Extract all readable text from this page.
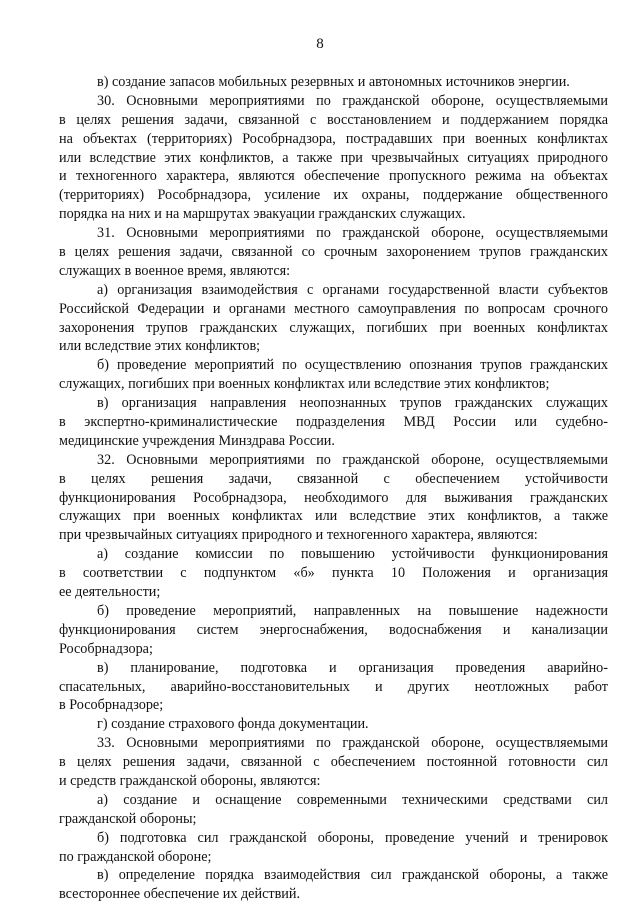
8
в) создание запасов мобильных резервных и автономных источников энергии.
30. Основными мероприятиями по гражданской обороне, осуществляемыми
в целях решения задачи, связанной с восстановлением и поддержанием порядка
на объектах (территориях) Рособрнадзора, пострадавших при военных конфликтах
или вследствие этих конфликтов, а также при чрезвычайных ситуациях природного
и техногенного характера, являются обеспечение пропускного режима на объектах
(территориях) Рособрнадзора, усиление их охраны, поддержание общественного
порядка на них и на маршрутах эвакуации гражданских служащих.
31. Основными мероприятиями по гражданской обороне, осуществляемыми
в целях решения задачи, связанной со срочным захоронением трупов гражданских
служащих в военное время, являются:
а) организация взаимодействия с органами государственной власти субъектов
Российской Федерации и органами местного самоуправления по вопросам срочного
захоронения трупов гражданских служащих, погибших при военных конфликтах
или вследствие этих конфликтов;
б) проведение мероприятий по осуществлению опознания трупов гражданских
служащих, погибших при военных конфликтах или вследствие этих конфликтов;
в) организация направления неопознанных трупов гражданских служащих
в экспертно-криминалистические подразделения МВД России или судебно-
медицинские учреждения Минздрава России.
32. Основными мероприятиями по гражданской обороне, осуществляемыми
в целях решения задачи, связанной с обеспечением устойчивости
функционирования Рособрнадзора, необходимого для выживания гражданских
служащих при военных конфликтах или вследствие этих конфликтов, а также
при чрезвычайных ситуациях природного и техногенного характера, являются:
а) создание комиссии по повышению устойчивости функционирования
в соответствии с подпунктом «б» пункта 10 Положения и организация
ее деятельности;
б) проведение мероприятий, направленных на повышение надежности
функционирования систем энергоснабжения, водоснабжения и канализации
Рособрнадзора;
в) планирование, подготовка и организация проведения аварийно-
спасательных, аварийно-восстановительных и других неотложных работ
в Рособрнадзоре;
г) создание страхового фонда документации.
33. Основными мероприятиями по гражданской обороне, осуществляемыми
в целях решения задачи, связанной с обеспечением постоянной готовности сил
и средств гражданской обороны, являются:
а) создание и оснащение современными техническими средствами сил
гражданской обороны;
б) подготовка сил гражданской обороны, проведение учений и тренировок
по гражданской обороне;
в) определение порядка взаимодействия сил гражданской обороны, а также
всестороннее обеспечение их действий.
